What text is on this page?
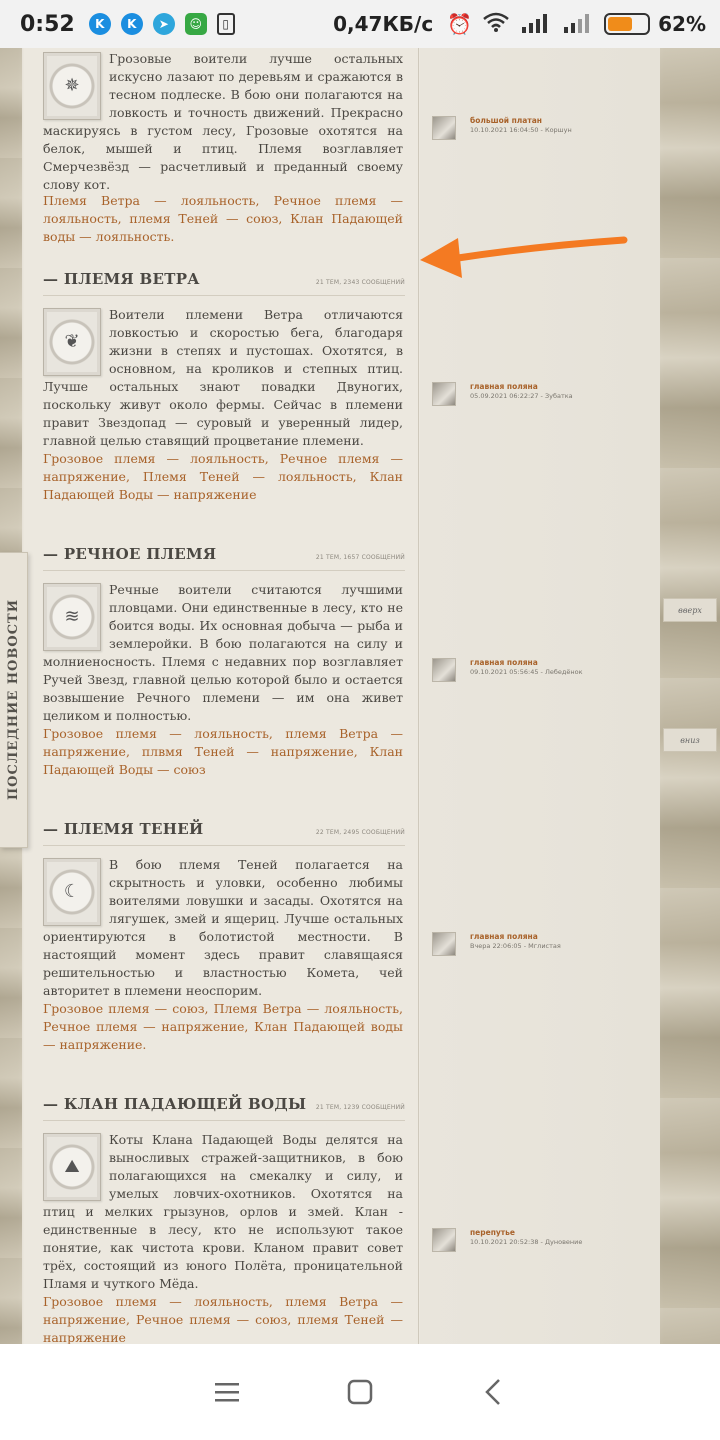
0:52	K	K	➤	☺	▯	0,47КБ/с ⏰	62%
ПОСЛЕДНИЕ НОВОСТИ	вверх
вниз
✵
Грозовые воители лучше остальных искусно лазают по деревьям и сражаются в тесном подлеске. В бою они полагаются на ловкость и точность движений. Прекрасно маскируясь в густом лесу, Грозовые охотятся на белок, мышей и птиц. Племя возглавляет Смерчезвёзд — расчетливый и преданный своему слову кот.
Племя Ветра — лояльность, Речное племя — лояльность, племя Теней — союз, Клан Падающей воды — лояльность.
большой платан
10.10.2021 16:04:50 - Коршун
— ПЛЕМЯ ВЕТРА	21 ТЕМ, 2343 СООБЩЕНИЙ
❦
Воители племени Ветра отличаются ловкостью и скоростью бега, благодаря жизни в степях и пустошах. Охотятся, в основном, на кроликов и степных птиц. Лучше остальных знают повадки Двуногих, поскольку живут около фермы. Сейчас в племени правит Звездопад — суровый и уверенный лидер, главной целью ставящий процветание племени.
Грозовое племя — лояльность, Речное племя — напряжение, Племя Теней — лояльность, Клан Падающей Воды — напряжение
главная поляна
05.09.2021 06:22:27 - Зубатка
— РЕЧНОЕ ПЛЕМЯ	21 ТЕМ, 1657 СООБЩЕНИЙ
≋
Речные воители считаются лучшими пловцами. Они единственные в лесу, кто не боится воды. Их основная добыча — рыба и землеройки. В бою полагаются на силу и молниеносность. Племя с недавних пор возглавляет Ручей Звезд, главной целью которой было и остается возвышение Речного племени — им она живет целиком и полностью.
Грозовое племя — лояльность, племя Ветра — напряжение, плвмя Теней — напряжение, Клан Падающей Воды — союз
главная поляна
09.10.2021 05:56:45 - Лебедёнок
— ПЛЕМЯ ТЕНЕЙ	22 ТЕМ, 2495 СООБЩЕНИЙ
☾
В бою племя Теней полагается на скрытность и уловки, особенно любимы воителями ловушки и засады. Охотятся на лягушек, змей и ящериц. Лучше остальных ориентируются в болотистой местности. В настоящий момент здесь правит славящаяся решительностью и властностью Комета, чей авторитет в племени неоспорим.
Грозовое племя — союз, Племя Ветра — лояльность, Речное племя — напряжение, Клан Падающей воды — напряжение.
главная поляна
Вчера 22:06:05 - Мглистая
— КЛАН ПАДАЮЩЕЙ ВОДЫ 21 ТЕМ, 1239 СООБЩЕНИЙ
⛰
Коты Клана Падающей Воды делятся на выносливых стражей-защитников, в бою полагающихся на смекалку и силу, и умелых ловчих-охотников. Охотятся на птиц и мелких грызунов, орлов и змей. Клан - единственные в лесу, кто не используют такое понятие, как чистота крови. Кланом правит совет трёх, состоящий из юного Полёта, проницательной Пламя и чуткого Мёда.
Грозовое племя — лояльность, племя Ветра — напряжение, Речное племя — союз, племя Теней — напряжение
перепутье
10.10.2021 20:52:38 - Дуновение
